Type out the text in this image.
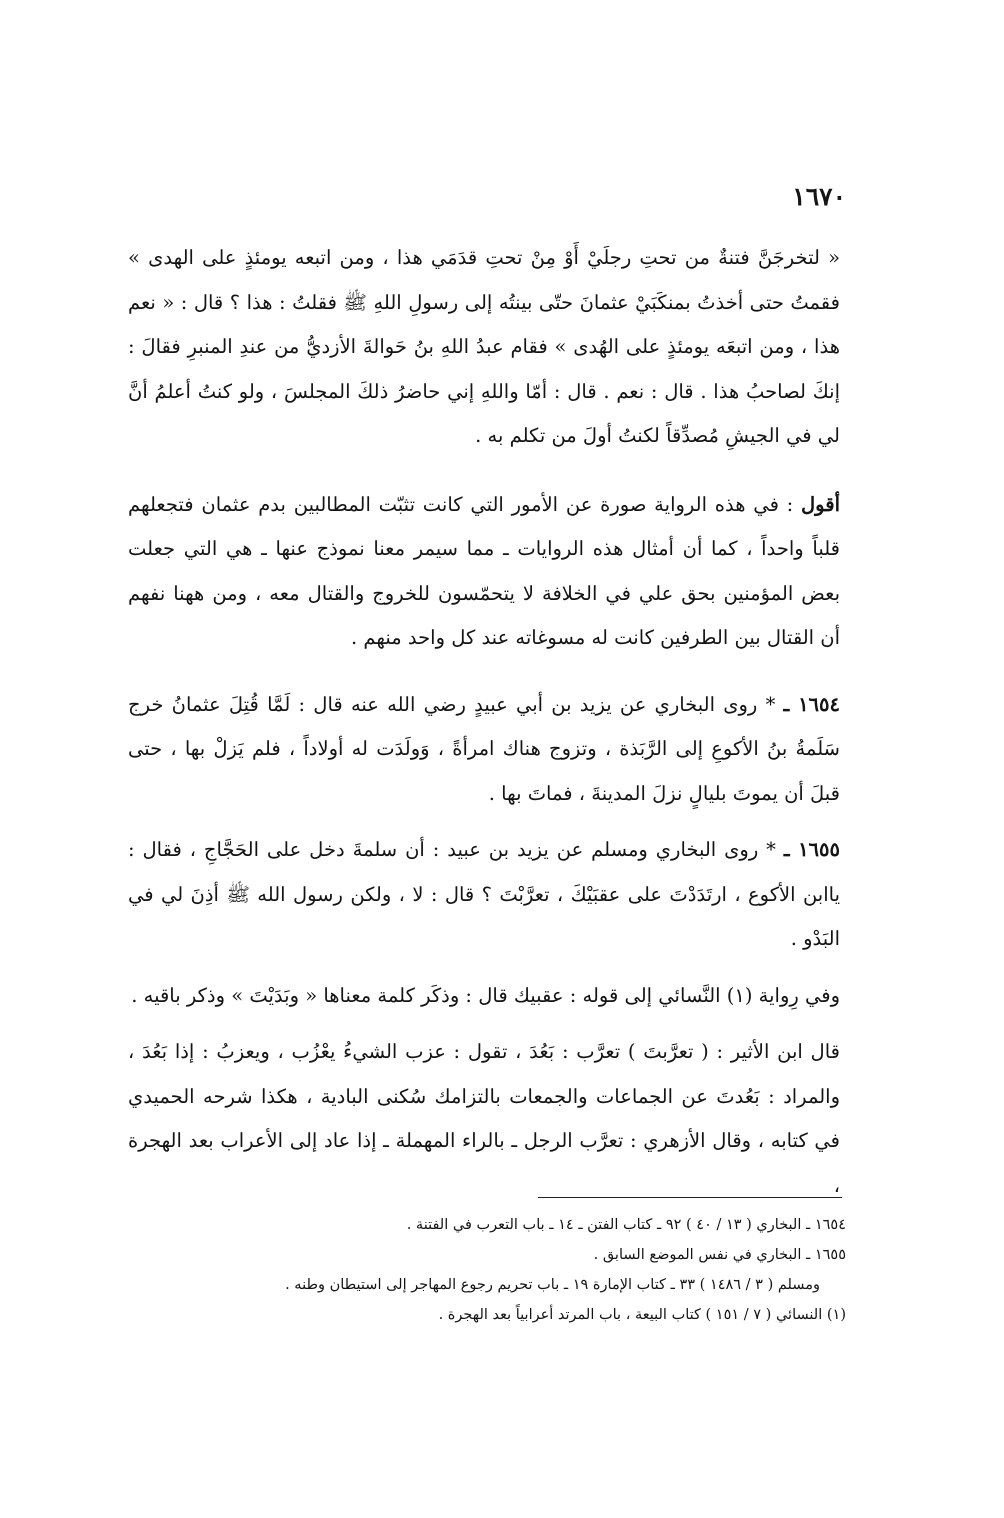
١٦٧٠

« لتخرجَنَّ فتنةٌ من تحتِ رجلَيْ أَوْ مِنْ تحتِ قدَمَي هذا ، ومن اتبعه يومئذٍ على الهدى » فقمتُ حتى أخذتُ بمنكَبَيْ عثمانَ حتّى بينتُه إلى رسولِ اللهِ ﷺ فقلتُ : هذا ؟ قال : « نعم هذا ، ومن اتبعَه يومئذٍ على الهُدى » فقام عبدُ اللهِ بنُ حَوالةَ الأزديُّ من عندِ المنبرِ فقالَ : إنكَ لصاحبُ هذا . قال : نعم . قال : أمّا واللهِ إني حاضرُ ذلكَ المجلسَ ، ولو كنتُ أعلمُ أنَّ لي في الجيشِ مُصدِّقاً لكنتُ أولَ من تكلم به .

أقول : في هذه الرواية صورة عن الأمور التي كانت تثبّت المطالبين بدم عثمان فتجعلهم قلباً واحداً ، كما أن أمثال هذه الروايات ـ مما سيمر معنا نموذج عنها ـ هي التي جعلت بعض المؤمنين بحق علي في الخلافة لا يتحمّسون للخروج والقتال معه ، ومن ههنا نفهم أن القتال بين الطرفين كانت له مسوغاته عند كل واحد منهم .

١٦٥٤ ـ * روى البخاري عن يزيد بن أبي عبيدٍ رضي الله عنه قال : لَمَّا قُتِلَ عثمانُ خرج سَلَمةُ بنُ الأكوعِ إلى الرَّبَذة ، وتزوج هناك امرأةً ، وَولَدَت له أولاداً ، فلم يَزلْ بها ، حتى قبلَ أن يموتَ بليالٍ نزلَ المدينةَ ، فماتَ بها .

١٦٥٥ ـ * روى البخاري ومسلم عن يزيد بن عبيد : أن سلمةَ دخل على الحَجَّاجِ ، فقال : ياابن الأكوع ، ارتَدَدْتَ على عقبَيْكَ ، تعرَّبْتَ ؟ قال : لا ، ولكن رسول الله ﷺ أذِنَ لي في البَدْو .

وفي رِواية (١) النَّسائي إلى قوله : عقبيك قال : وذكَر كلمة معناها « وبَدَيْتَ » وذكر باقيه .

قال ابن الأثير : ( تعرَّبتَ ) تعرَّب : بَعُدَ ، تقول : عزب الشيءُ يعْزُب ، ويعزبُ : إذا بَعُدَ ، والمراد : بَعُدتَ عن الجماعات والجمعات بالتزامك سُكنى البادية ، هكذا شرحه الحميدي في كتابه ، وقال الأزهري : تعرَّب الرجل ـ بالراء المهملة ـ إذا عاد إلى الأعراب بعد الهجرة ،

١٦٥٤ ـ البخاري ( ١٣ / ٤٠ ) ٩٢ ـ كتاب الفتن ـ ١٤ ـ باب التعرب في الفتنة .
١٦٥٥ ـ البخاري في نفس الموضع السابق .
ومسلم ( ٣ / ١٤٨٦ ) ٣٣ ـ كتاب الإمارة ١٩ ـ باب تحريم رجوع المهاجر إلى استيطان وطنه .
(١) النسائي ( ٧ / ١٥١ ) كتاب البيعة ، باب المرتد أعرابياً بعد الهجرة .
